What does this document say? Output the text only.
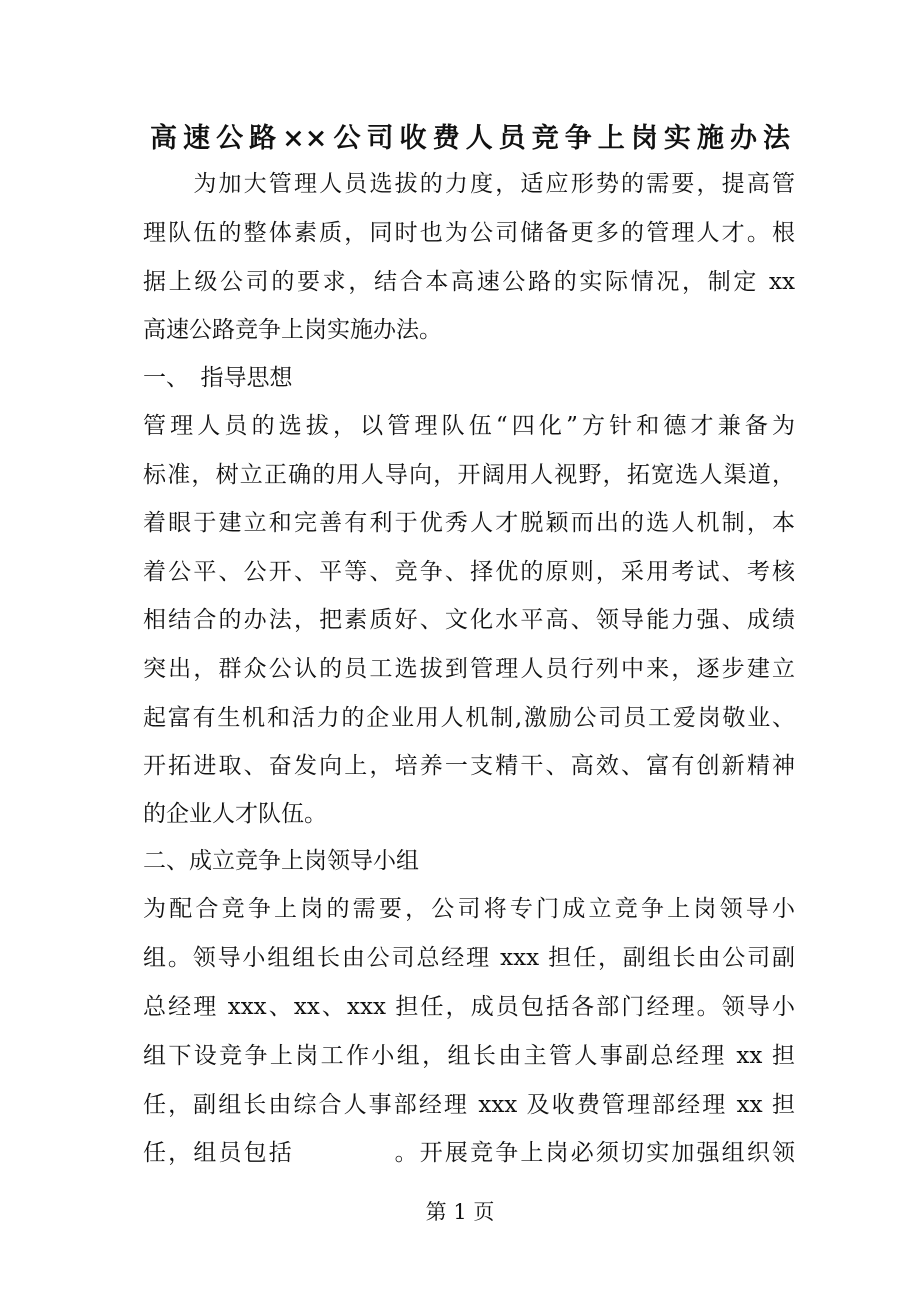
高速公路××公司收费人员竞争上岗实施办法
　　为加大管理人员选拔的力度，适应形势的需要，提高管
理队伍的整体素质，同时也为公司储备更多的管理人才。根
据上级公司的要求，结合本高速公路的实际情况，制定 xx
高速公路竞争上岗实施办法。
一、　指导思想
管理人员的选拔，以管理队伍“四化”方针和德才兼备为
标准，树立正确的用人导向，开阔用人视野，拓宽选人渠道，
着眼于建立和完善有利于优秀人才脱颖而出的选人机制，本
着公平、公开、平等、竞争、择优的原则，采用考试、考核
相结合的办法，把素质好、文化水平高、领导能力强、成绩
突出，群众公认的员工选拔到管理人员行列中来，逐步建立
起富有生机和活力的企业用人机制,激励公司员工爱岗敬业、
开拓进取、奋发向上，培养一支精干、高效、富有创新精神
的企业人才队伍。
二、成立竞争上岗领导小组
为配合竞争上岗的需要，公司将专门成立竞争上岗领导小
组。领导小组组长由公司总经理 xxx 担任，副组长由公司副
总经理 xxx、xx、xxx 担任，成员包括各部门经理。领导小
组下设竞争上岗工作小组，组长由主管人事副总经理 xx 担
任，副组长由综合人事部经理 xxx 及收费管理部经理 xx 担
任，组员包括　　　　。开展竞争上岗必须切实加强组织领
第 1 页
